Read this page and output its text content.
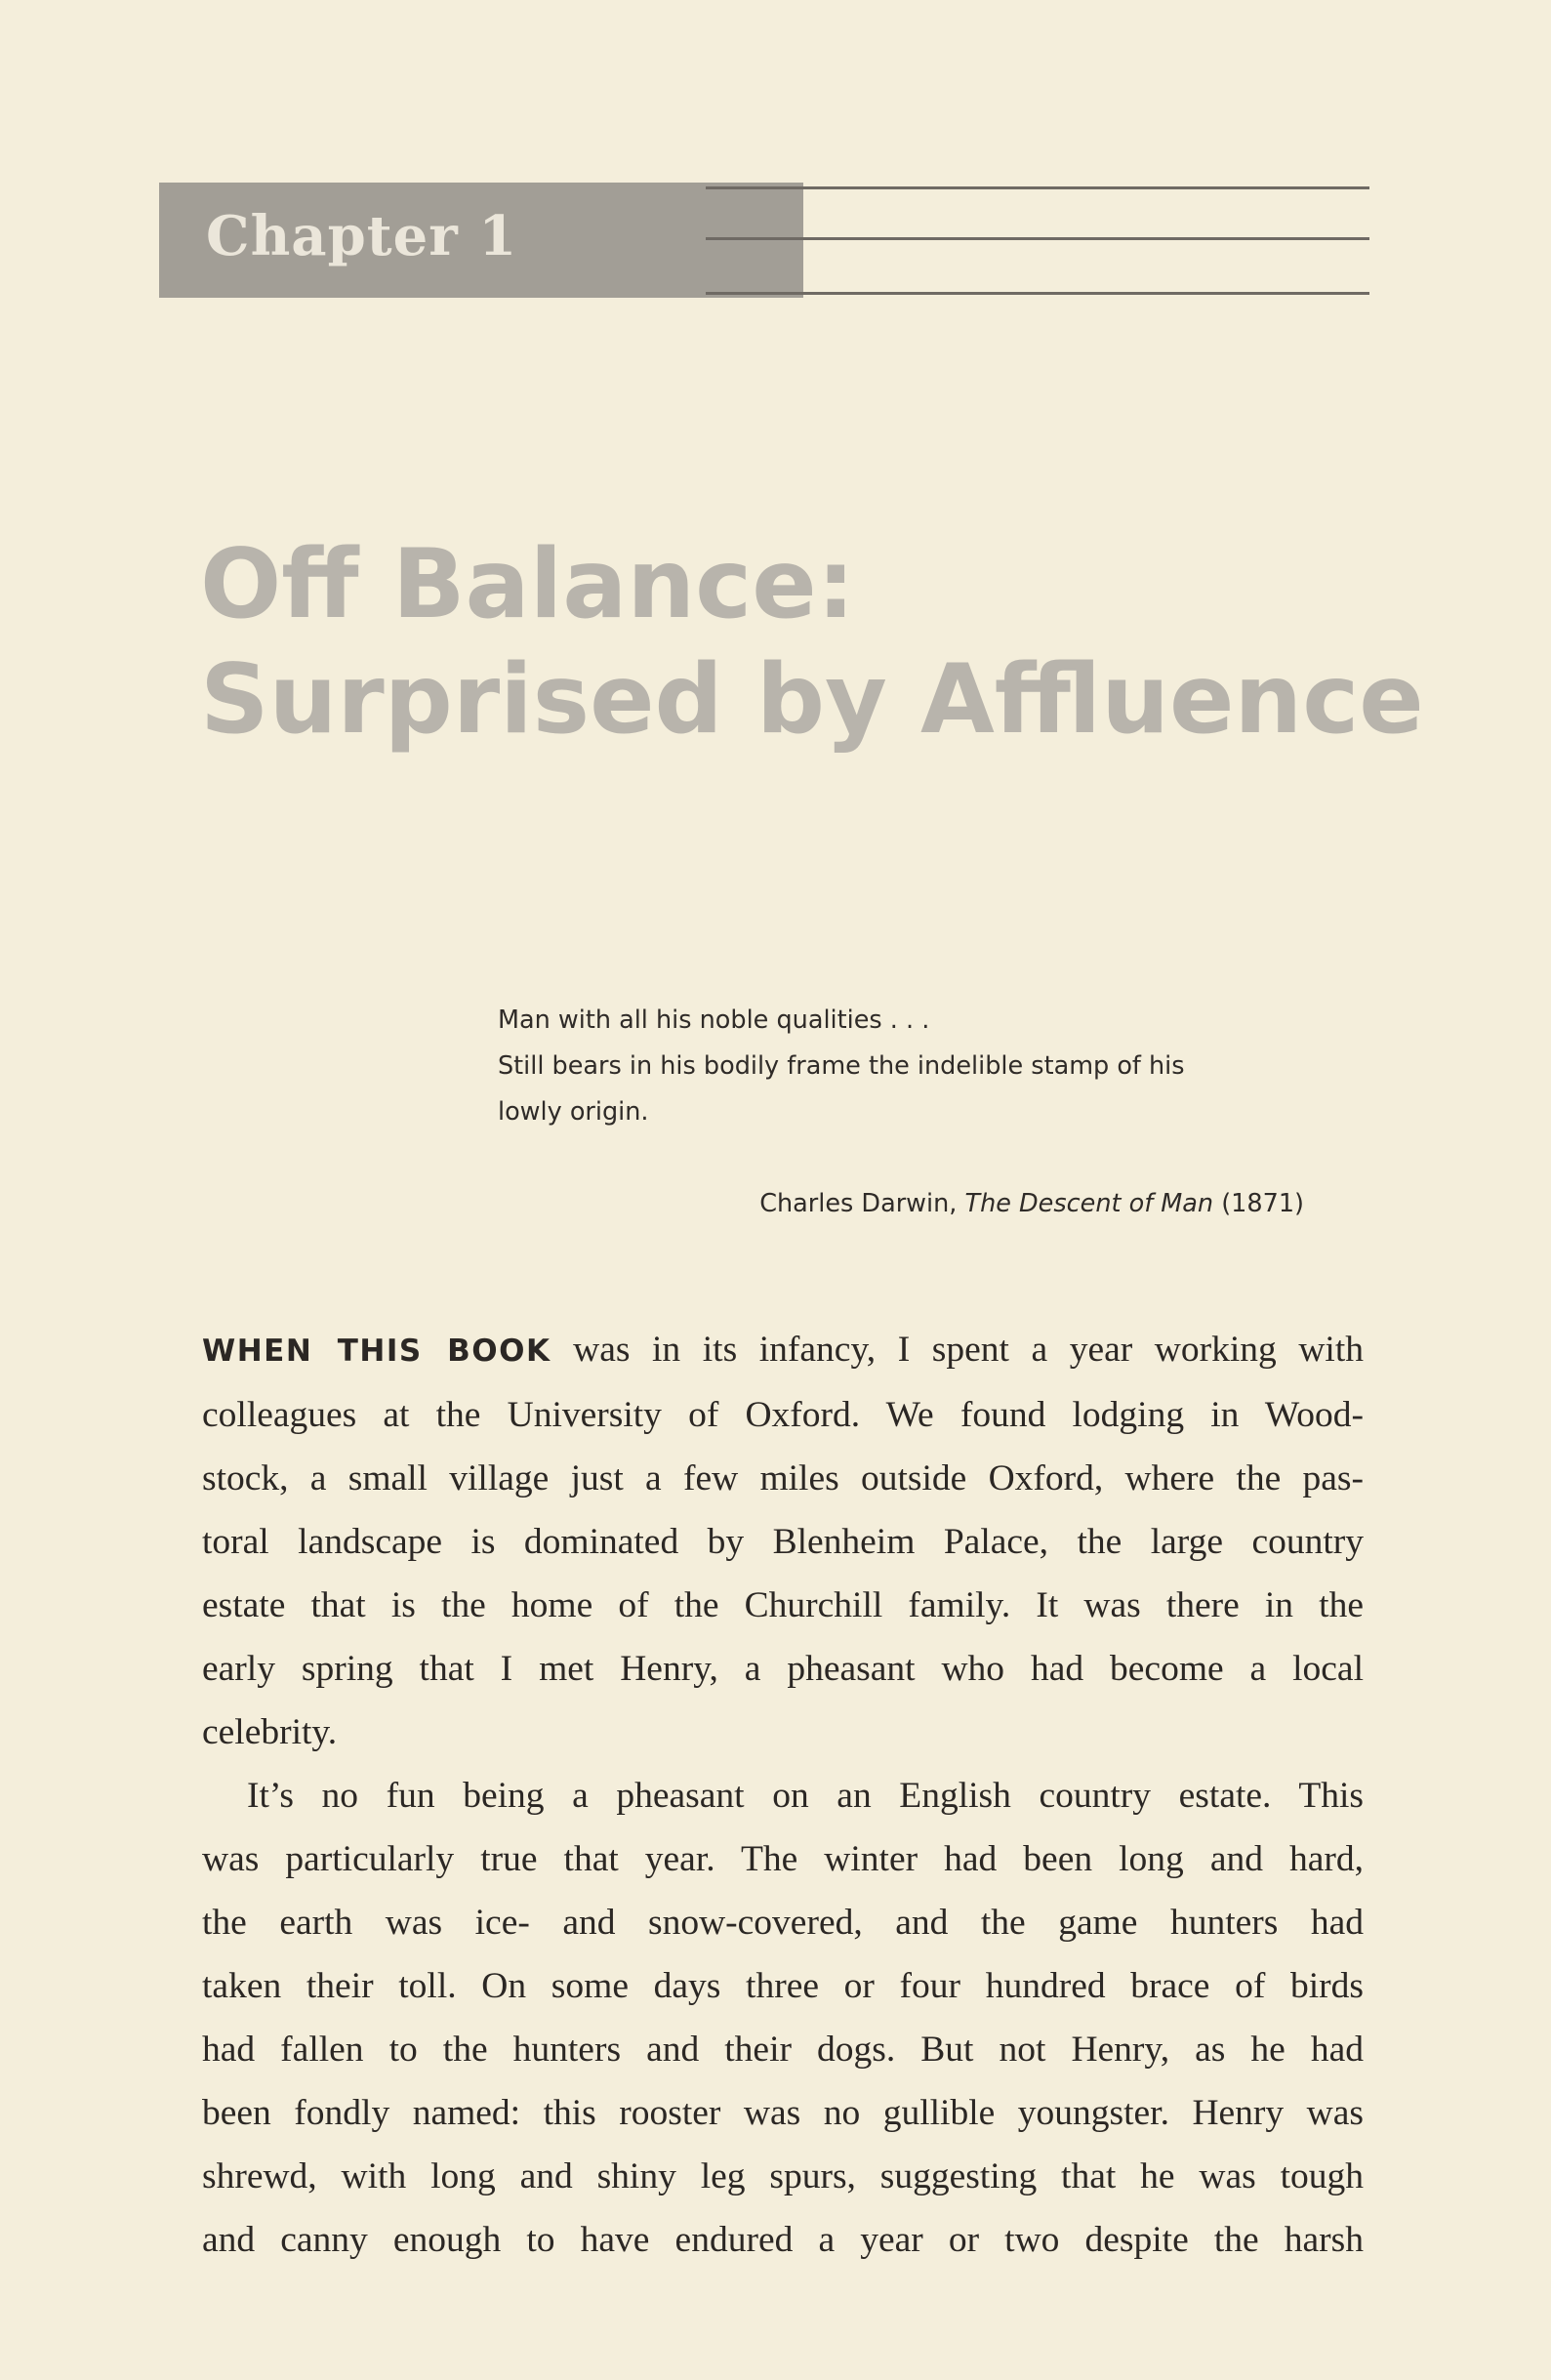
Chapter 1
Off Balance:
Surprised by Affluence
Man with all his noble qualities . . .
Still bears in his bodily frame the indelible stamp of his
lowly origin.
Charles Darwin, The Descent of Man (1871)
WHEN THIS BOOK was in its infancy, I spent a year working with
colleagues at the University of Oxford. We found lodging in Wood-
stock, a small village just a few miles outside Oxford, where the pas-
toral landscape is dominated by Blenheim Palace, the large country
estate that is the home of the Churchill family. It was there in the
early spring that I met Henry, a pheasant who had become a local
celebrity.
It’s no fun being a pheasant on an English country estate. This
was particularly true that year. The winter had been long and hard,
the earth was ice- and snow-covered, and the game hunters had
taken their toll. On some days three or four hundred brace of birds
had fallen to the hunters and their dogs. But not Henry, as he had
been fondly named: this rooster was no gullible youngster. Henry was
shrewd, with long and shiny leg spurs, suggesting that he was tough
and canny enough to have endured a year or two despite the harsh
